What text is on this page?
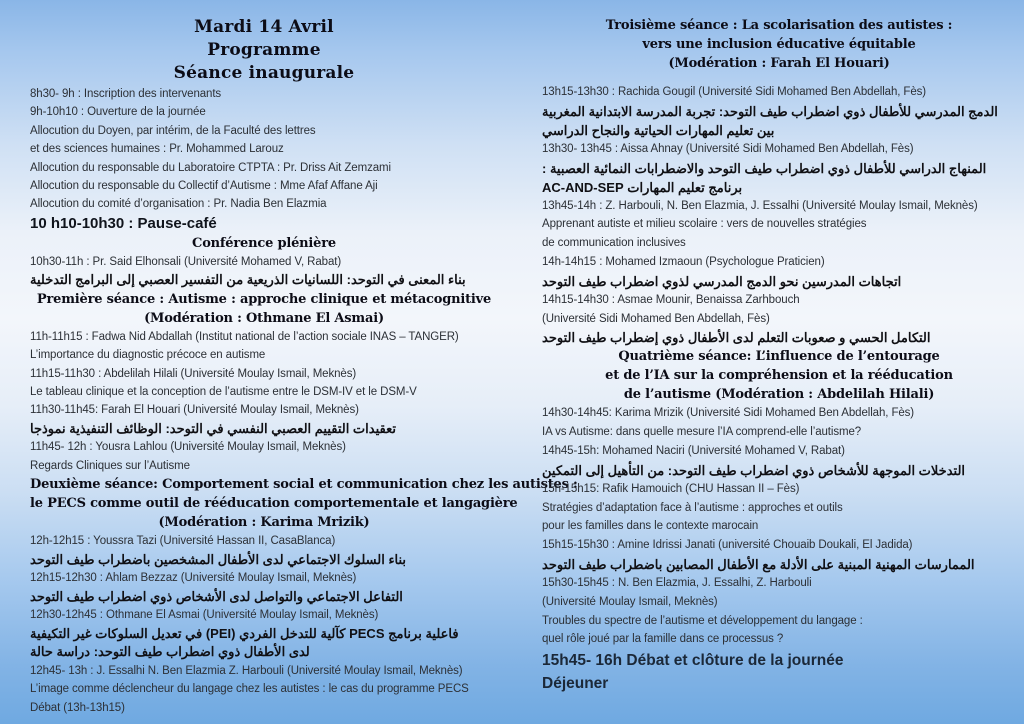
Mardi 14 Avril
Programme
Séance inaugurale
8h30- 9h : Inscription des intervenants
9h-10h10 : Ouverture de la journée
Allocution du Doyen, par intérim, de la Faculté des lettres
et des sciences humaines : Pr. Mohammed Larouz
Allocution du responsable du Laboratoire CTPTA : Pr. Driss Ait Zemzami
Allocution du responsable du Collectif d’Autisme : Mme Afaf Affane Aji
Allocution du comité d’organisation : Pr. Nadia Ben Elazmia
10 h10-10h30 : Pause-café
Conférence plénière
10h30-11h : Pr. Said Elhonsali (Université Mohamed V, Rabat)
بناء المعنى في التوحد: اللسانيات الذريعية من التفسير العصبي إلى البرامج التدخلية
Première séance : Autisme : approche clinique et métacognitive
(Modération : Othmane El Asmai)
11h-11h15 : Fadwa Nid Abdallah (Institut national de l’action sociale INAS – TANGER)
L’importance du diagnostic précoce en autisme
11h15-11h30 : Abdelilah Hilali (Université Moulay Ismail, Meknès)
Le tableau clinique et la conception de l’autisme entre le DSM-IV et le DSM-V
11h30-11h45: Farah El Houari (Université Moulay Ismail, Meknès)
تعقيدات التقييم العصبي النفسي في التوحد: الوظائف التنفيذية نموذجا
11h45- 12h : Yousra Lahlou (Université Moulay Ismail, Meknès)
Regards Cliniques sur l’Autisme
Deuxième séance: Comportement social et communication chez les autistes :
le PECS comme outil de rééducation comportementale et langagière
(Modération : Karima Mrizik)
12h-12h15 : Youssra Tazi (Université Hassan II, CasaBlanca)
بناء السلوك الاجتماعي لدى الأطفال المشخصين باضطراب طيف التوحد
12h15-12h30 : Ahlam Bezzaz (Université Moulay Ismail, Meknès)
التفاعل الاجتماعي والتواصل لدى الأشخاص ذوي اضطراب طيف التوحد
12h30-12h45 : Othmane El Asmai (Université Moulay Ismail, Meknès)
فاعلية برنامج PECS كآلية للتدخل الفردي (PEI) في تعديل السلوكات غير التكيفية
لدى الأطفال ذوي اضطراب طيف التوحد: دراسة حالة
12h45- 13h : J. Essalhi N. Ben Elazmia Z. Harbouli (Université Moulay Ismail, Meknès)
L’image comme déclencheur du langage chez les autistes : le cas du programme PECS
Débat (13h-13h15)
Troisième séance : La scolarisation des autistes :
vers une inclusion éducative équitable
(Modération : Farah El Houari)
13h15-13h30 : Rachida Gougil (Université Sidi Mohamed Ben Abdellah, Fès)
الدمج المدرسي للأطفال ذوي اضطراب طيف التوحد: تجربة المدرسة الابتدانية المغربية
بين تعليم المهارات الحياتية والنجاح الدراسي
13h30- 13h45 : Aissa Ahnay (Université Sidi Mohamed Ben Abdellah, Fès)
المنهاج الدراسي للأطفال ذوي اضطراب طيف التوحد والاضطرابات النمائية العصبية :
برنامج تعليم المهارات AC-AND-SEP
13h45-14h : Z. Harbouli, N. Ben Elazmia, J. Essalhi (Université Moulay Ismail, Meknès)
Apprenant autiste et milieu scolaire : vers de nouvelles stratégies
de communication inclusives
14h-14h15 : Mohamed Izmaoun (Psychologue Praticien)
اتجاهات المدرسين نحو الدمج المدرسي لذوي اضطراب طيف التوحد
14h15-14h30 : Asmae Mounir, Benaissa Zarhbouch
(Université Sidi Mohamed Ben Abdellah, Fès)
التكامل الحسي و صعوبات التعلم لدى الأطفال ذوي إضطراب طيف التوحد
Quatrième séance: L’influence de l’entourage
et de l’IA sur la compréhension et la rééducation
de l’autisme (Modération : Abdelilah Hilali)
14h30-14h45: Karima Mrizik (Université Sidi Mohamed Ben Abdellah, Fès)
IA vs Autisme: dans quelle mesure l’IA comprend-elle l’autisme?
14h45-15h: Mohamed Naciri (Université Mohamed V, Rabat)
التدخلات الموجهة للأشخاص ذوي اضطراب طيف التوحد: من التأهيل إلى التمكين
15h-15h15: Rafik Hamouich (CHU Hassan II – Fès)
Stratégies d’adaptation face à l’autisme : approches et outils
pour les familles dans le contexte marocain
15h15-15h30 : Amine Idrissi Janati (université Chouaib Doukali, El Jadida)
الممارسات المهنية المبنية على الأدلة مع الأطفال المصابين باضطراب طيف التوحد
15h30-15h45 : N. Ben Elazmia, J. Essalhi, Z. Harbouli
(Université Moulay Ismail, Meknès)
Troubles du spectre de l’autisme et développement du langage :
quel rôle joué par la famille dans ce processus ?
15h45- 16h Débat et clôture de la journée
Déjeuner
